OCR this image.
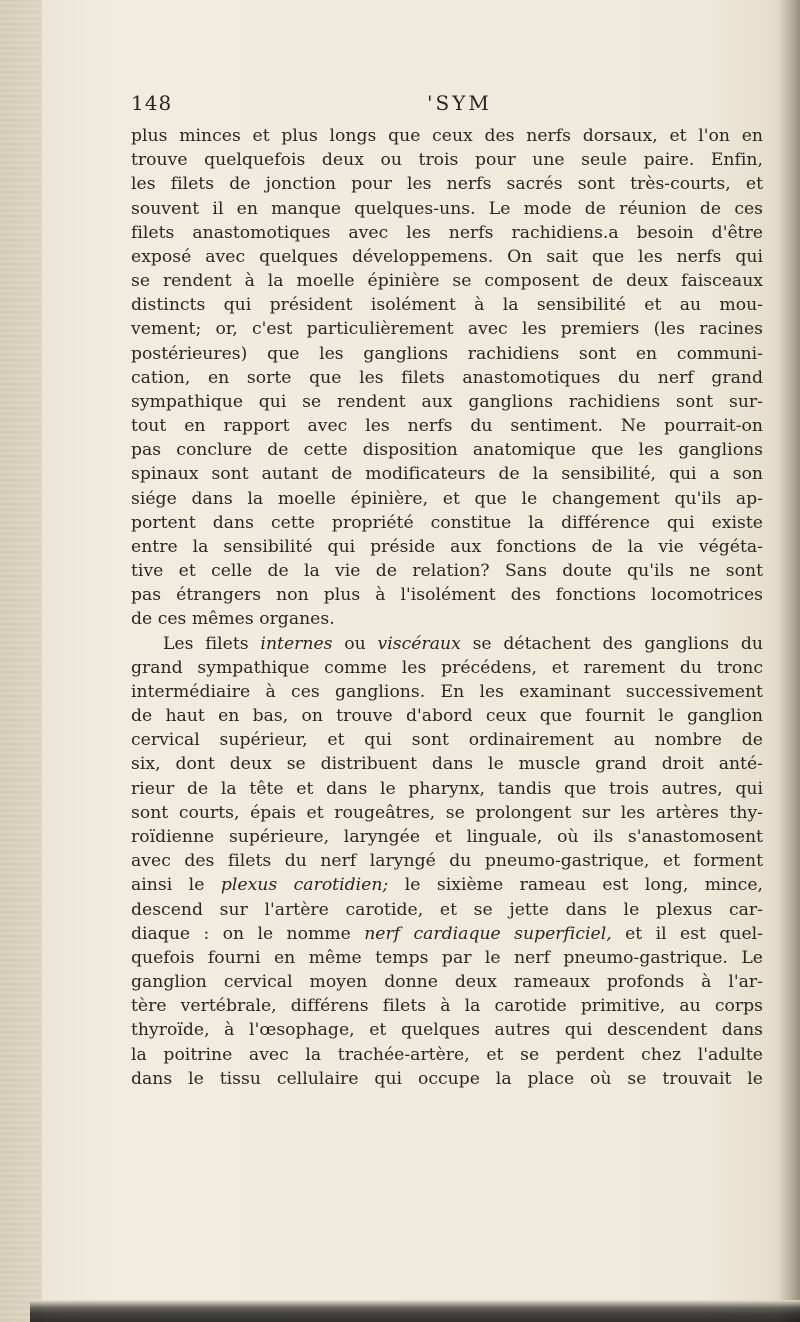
148	'SYM
plus minces et plus longs que ceux des nerfs dorsaux, et l'on en
trouve quelquefois deux ou trois pour une seule paire. Enfin,
les filets de jonction pour les nerfs sacrés sont très-courts, et
souvent il en manque quelques-uns. Le mode de réunion de ces
filets anastomotiques avec les nerfs rachidiens.a besoin d'être
exposé avec quelques développemens. On sait que les nerfs qui
se rendent à la moelle épinière se composent de deux faisceaux
distincts qui président isolément à la sensibilité et au mou-
vement; or, c'est particulièrement avec les premiers (les racines
postérieures) que les ganglions rachidiens sont en communi-
cation, en sorte que les filets anastomotiques du nerf grand
sympathique qui se rendent aux ganglions rachidiens sont sur-
tout en rapport avec les nerfs du sentiment. Ne pourrait-on
pas conclure de cette disposition anatomique que les ganglions
spinaux sont autant de modificateurs de la sensibilité, qui a son
siége dans la moelle épinière, et que le changement qu'ils ap-
portent dans cette propriété constitue la différence qui existe
entre la sensibilité qui préside aux fonctions de la vie végéta-
tive et celle de la vie de relation? Sans doute qu'ils ne sont
pas étrangers non plus à l'isolément des fonctions locomotrices
de ces mêmes organes.
Les filets internes ou viscéraux se détachent des ganglions du
grand sympathique comme les précédens, et rarement du tronc
intermédiaire à ces ganglions. En les examinant successivement
de haut en bas, on trouve d'abord ceux que fournit le ganglion
cervical supérieur, et qui sont ordinairement au nombre de
six, dont deux se distribuent dans le muscle grand droit anté-
rieur de la tête et dans le pharynx, tandis que trois autres, qui
sont courts, épais et rougeâtres, se prolongent sur les artères thy-
roïdienne supérieure, laryngée et linguale, où ils s'anastomosent
avec des filets du nerf laryngé du pneumo-gastrique, et forment
ainsi le plexus carotidien; le sixième rameau est long, mince,
descend sur l'artère carotide, et se jette dans le plexus car-
diaque : on le nomme nerf cardiaque superficiel, et il est quel-
quefois fourni en même temps par le nerf pneumo-gastrique. Le
ganglion cervical moyen donne deux rameaux profonds à l'ar-
tère vertébrale, différens filets à la carotide primitive, au corps
thyroïde, à l'œsophage, et quelques autres qui descendent dans
la poitrine avec la trachée-artère, et se perdent chez l'adulte
dans le tissu cellulaire qui occupe la place où se trouvait le
